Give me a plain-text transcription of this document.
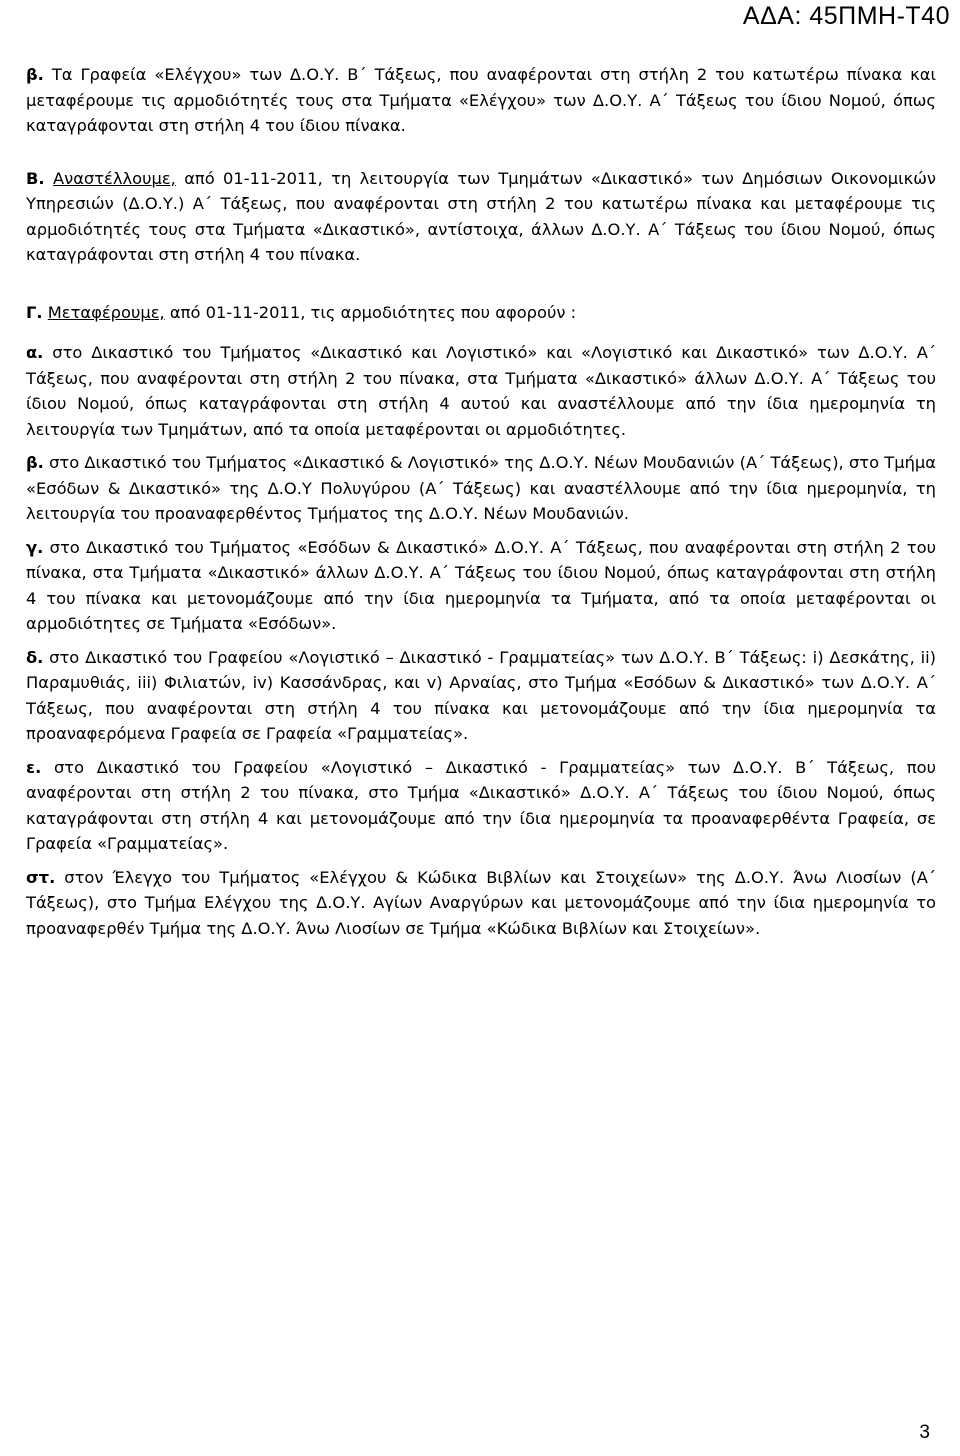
ΑΔΑ: 45ΠΜΗ-Τ40

β. Τα Γραφεία «Ελέγχου» των Δ.Ο.Υ. Β΄ Τάξεως, που αναφέρονται στη στήλη 2 του κατωτέρω πίνακα και μεταφέρουμε τις αρμοδιότητές τους στα Τμήματα «Ελέγχου» των Δ.Ο.Υ. Α΄ Τάξεως του ίδιου Νομού, όπως καταγράφονται στη στήλη 4 του ίδιου πίνακα.

Β. Αναστέλλουμε, από 01-11-2011, τη λειτουργία των Τμημάτων «Δικαστικό» των Δημόσιων Οικονομικών Υπηρεσιών (Δ.Ο.Υ.) Α΄ Τάξεως, που αναφέρονται στη στήλη 2 του κατωτέρω πίνακα και μεταφέρουμε τις αρμοδιότητές τους στα Τμήματα «Δικαστικό», αντίστοιχα, άλλων Δ.Ο.Υ. Α΄ Τάξεως του ίδιου Νομού, όπως καταγράφονται στη στήλη 4 του πίνακα.

Γ. Μεταφέρουμε, από 01-11-2011, τις αρμοδιότητες που αφορούν :

α. στο Δικαστικό του Τμήματος «Δικαστικό και Λογιστικό» και «Λογιστικό και Δικαστικό» των Δ.Ο.Υ. Α΄ Τάξεως, που αναφέρονται στη στήλη 2 του πίνακα, στα Τμήματα «Δικαστικό» άλλων Δ.Ο.Υ. Α΄ Τάξεως του ίδιου Νομού, όπως καταγράφονται στη στήλη 4 αυτού και αναστέλλουμε από την ίδια ημερομηνία τη λειτουργία των Τμημάτων, από τα οποία μεταφέρονται οι αρμοδιότητες.

β. στο Δικαστικό του Τμήματος «Δικαστικό & Λογιστικό» της Δ.Ο.Υ. Νέων Μουδανιών (Α΄ Τάξεως), στο Τμήμα «Εσόδων & Δικαστικό» της Δ.Ο.Υ Πολυγύρου (Α΄ Τάξεως) και αναστέλλουμε από την ίδια ημερομηνία, τη λειτουργία του προαναφερθέντος Τμήματος της Δ.Ο.Υ. Νέων Μουδανιών.

γ. στο Δικαστικό του Τμήματος «Εσόδων & Δικαστικό» Δ.Ο.Υ. Α΄ Τάξεως, που αναφέρονται στη στήλη 2 του πίνακα, στα Τμήματα «Δικαστικό» άλλων Δ.Ο.Υ. Α΄ Τάξεως του ίδιου Νομού, όπως καταγράφονται στη στήλη 4 του πίνακα και μετονομάζουμε από την ίδια ημερομηνία τα Τμήματα, από τα οποία μεταφέρονται οι αρμοδιότητες σε Τμήματα «Εσόδων».

δ. στο Δικαστικό του Γραφείου «Λογιστικό – Δικαστικό - Γραμματείας» των Δ.Ο.Υ. Β΄ Τάξεως: i) Δεσκάτης, ii) Παραμυθιάς, iii) Φιλιατών, iv) Κασσάνδρας, και v) Αρναίας, στο Τμήμα «Εσόδων & Δικαστικό» των Δ.Ο.Υ. Α΄ Τάξεως, που αναφέρονται στη στήλη 4 του πίνακα και μετονομάζουμε από την ίδια ημερομηνία τα προαναφερόμενα Γραφεία σε Γραφεία «Γραμματείας».

ε. στο Δικαστικό του Γραφείου «Λογιστικό – Δικαστικό - Γραμματείας» των Δ.Ο.Υ. Β΄ Τάξεως, που αναφέρονται στη στήλη 2 του πίνακα, στο Τμήμα «Δικαστικό» Δ.Ο.Υ. Α΄ Τάξεως του ίδιου Νομού, όπως καταγράφονται στη στήλη 4 και μετονομάζουμε από την ίδια ημερομηνία τα προαναφερθέντα Γραφεία, σε Γραφεία «Γραμματείας».

στ. στον Έλεγχο του Τμήματος «Ελέγχου & Κώδικα Βιβλίων και Στοιχείων» της Δ.Ο.Υ. Άνω Λιοσίων (Α΄ Τάξεως), στο Τμήμα Ελέγχου της Δ.Ο.Υ. Αγίων Αναργύρων και μετονομάζουμε από την ίδια ημερομηνία το προαναφερθέν Τμήμα της Δ.Ο.Υ. Άνω Λιοσίων σε Τμήμα «Κώδικα Βιβλίων και Στοιχείων».

3
